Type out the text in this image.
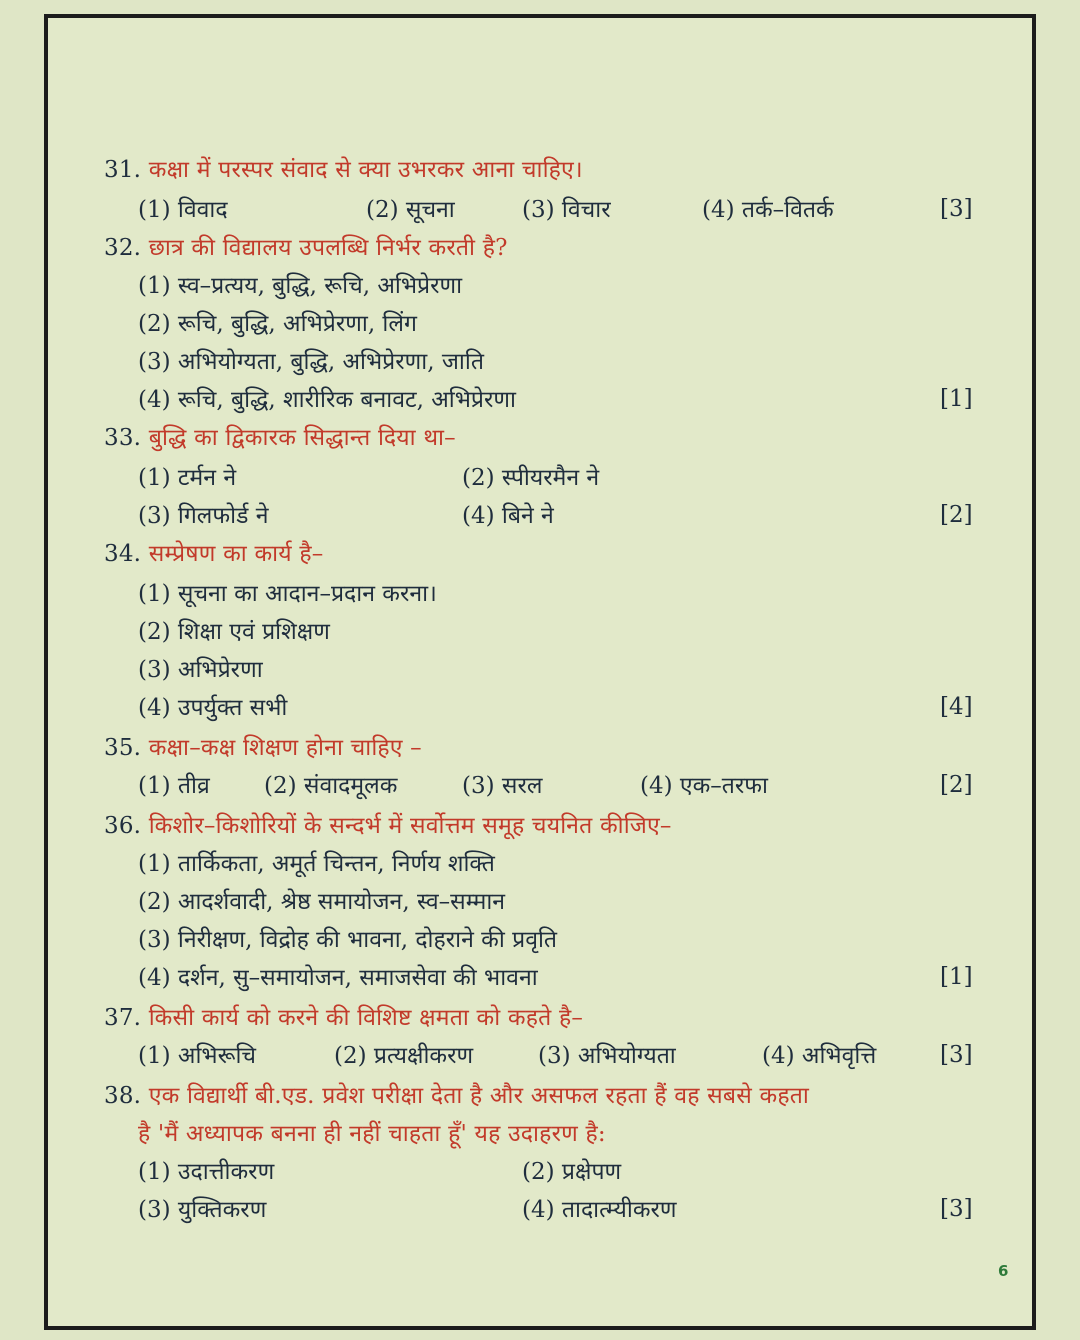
31. कक्षा में परस्पर संवाद से क्या उभरकर आना चाहिए।
(1) विवाद	(2) सूचना	(3) विचार	(4) तर्क–वितर्क	[3]
32. छात्र की विद्यालय उपलब्धि निर्भर करती है?
(1) स्व–प्रत्यय, बुद्धि, रूचि, अभिप्रेरणा
(2) रूचि, बुद्धि, अभिप्रेरणा, लिंग
(3) अभियोग्यता, बुद्धि, अभिप्रेरणा, जाति
(4) रूचि, बुद्धि, शारीरिक बनावट, अभिप्रेरणा	[1]
33. बुद्धि का द्विकारक सिद्धान्त दिया था–
(1) टर्मन ने	(2) स्पीयरमैन ने
(3) गिलफोर्ड ने	(4) बिने ने	[2]
34. सम्प्रेषण का कार्य है–
(1) सूचना का आदान–प्रदान करना।
(2) शिक्षा एवं प्रशिक्षण
(3) अभिप्रेरणा
(4) उपर्युक्त सभी	[4]
35. कक्षा–कक्ष शिक्षण होना चाहिए –
(1) तीव्र (2) संवादमूलक	(3) सरल	(4) एक–तरफा	[2]
36. किशोर–किशोरियों के सन्दर्भ में सर्वोत्तम समूह चयनित कीजिए–
(1) तार्किकता, अमूर्त चिन्तन, निर्णय शक्ति
(2) आदर्शवादी, श्रेष्ठ समायोजन, स्व–सम्मान
(3) निरीक्षण, विद्रोह की भावना, दोहराने की प्रवृति
(4) दर्शन, सु–समायोजन, समाजसेवा की भावना	[1]
37. किसी कार्य को करने की विशिष्ट क्षमता को कहते है–
(1) अभिरूचि	(2) प्रत्यक्षीकरण	(3) अभियोग्यता	(4) अभिवृत्ति	[3]
38. एक विद्यार्थी बी.एड. प्रवेश परीक्षा देता है और असफल रहता हैं वह सबसे कहता
है 'मैं अध्यापक बनना ही नहीं चाहता हूँ' यह उदाहरण है:
(1) उदात्तीकरण	(2) प्रक्षेपण
(3) युक्तिकरण	(4) तादात्म्यीकरण	[3]
6
